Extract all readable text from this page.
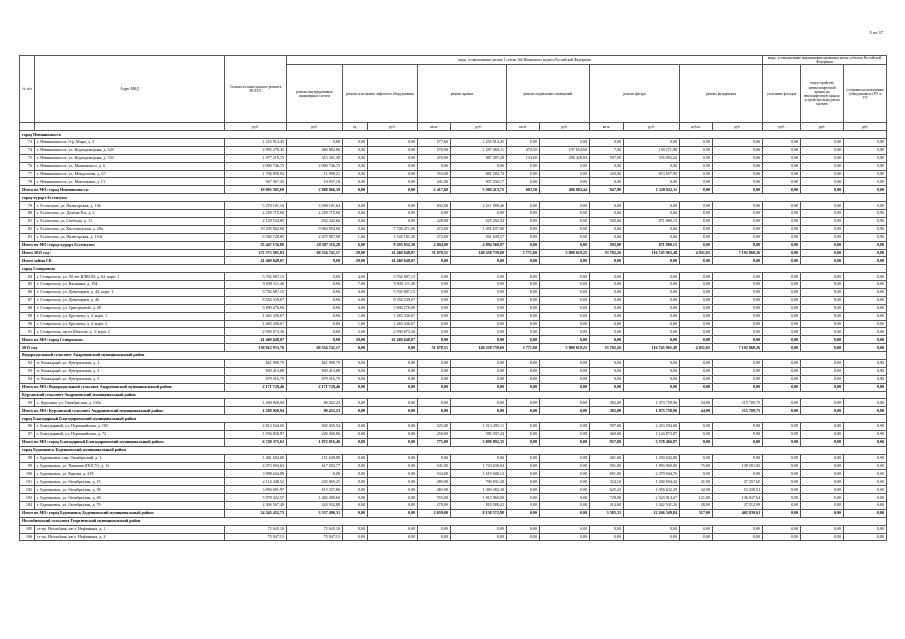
5 из 37
№ п/п	Адрес МКД	Стоимость капитального ремонта ВСЕГО	виды, установленные частью 1 статьи 166 Жилищного кодекса Российской Федерации											виды, установленные нормативным правовым актом субъекта Российской Федерации		
			ремонт внутридомовых инженерных систем	ремонт или замена лифтового оборудования		ремонт крыши		ремонт подвальных помещений		ремонт фасада		ремонт фундамента		утепление фасадов	переустройство невентилируемой крыши на вентилируемую крышу, устройство выходов на кровлю	установка коллективных (общедомовых) ПУ и УУ
		руб.	руб.	ед.	руб.	кв.м.	руб.	кв.м.	руб.	кв.м.	руб.	куб.м.	руб.	руб.	руб.	руб.
город Невинномысск																
73	г. Невинномысск, б-р. Мира, д. 3	1 255 914,45	0,00	0,00	0,00	577,60	1 255 914,45	0,00	0,00	0,00	0,00	0,00	0,00	0,00	0,00	0,00
74	г. Невинномысск, ул. Водопроводная, д. 329	2 095 278,45	460 882,86	0,00	0,00	570,00	1 297 469,11	470,50	197 654,60	7,00	139 271,88	0,00	0,00	0,00	0,00	0,00
75	г. Невинномысск, ул. Водопроводная, д. 333	1 977 219,75	315 301,39	0,00	0,00	476,00	987 397,28	133,00	298 428,84	597,90	376 092,24	0,00	0,00	0,00	0,00	0,00
76	г. Невинномысск, ул. Маяковского, д. 6	2 000 746,75	2 000 746,75	0,00	0,00	0,00	0,00	0,00	0,00	0,00	0,00	0,00	0,00	0,00	0,00	0,00
77	г. Невинномысск, ул. Менделеева, д. 67	1 706 858,94	11 998,21	0,00	0,00	353,00	881 202,74	0,00	0,00	343,00	813 657,99	0,00	0,00	0,00	0,00	0,00
78	г. Невинномысск, ул. Монтажная, д. 13	927 367,35	19 937,18	0,00	0,00	441,00	907 430,17	0,00	0,00	0,00	0,00	0,00	0,00	0,00	0,00	0,00
Итого по МО: город Невинномысск:		10 003 385,69	2 808 866,39	0,00	0,00	2 417,60	5 369 413,75	603,50	496 083,44	947,90	1 329 022,11	0,00	0,00	0,00	0,00	0,00
город-курорт Ессентуки																
79	г. Ессентуки, ул. Пятигорская, д. 136	5 270 101,10	3 058 101,64	0,00	0,00	832,00	2 211 999,46	0,00	0,00	0,00	0,00	0,00	0,00	0,00	0,00	0,00
80	г. Ессентуки, ул. Долина Роз, д. 2	2 259 710,00	2 259 710,00	0,00	0,00	0,00	0,00	0,00	0,00	0,00	0,00	0,00	0,00	0,00	0,00	0,00
81	г. Ессентуки, ул. Свободы, д. 11	2 129 534,85	632 442,66	0,00	0,00	228,00	625 292,04	0,00	0,00	503,00	871 800,15	0,00	0,00	0,00	0,00	0,00
82	г. Ессентуки, ул. Кисловодская, д. 20а	19 205 062,00	9 960 954,00	5,00	7 748 471,00	472,00	1 495 637,00	0,00	0,00	0,00	0,00	0,00	0,00	0,00	0,00	0,00
83	г. Ессентуки, ул. Пятигорская, д. 110а	6 582 728,85	4 475 907,98	1,00	1 545 181,30	272,00	561 639,57	0,00	0,00	0,00	0,00	0,00	0,00	0,00	0,00	0,00
Итого по МО: город-курорт Ессентуки:		35 447 136,80	20 387 116,28	6,00	9 293 652,30	2 004,00	4 894 568,07	0,00	0,00	503,00	871 800,15	0,00	0,00	0,00	0,00	0,00
Итого 2015 год :		372 373 581,83	60 534 741,17	29,00	41 469 648,07	51 078,51	140 558 739,60	3 771,60	5 880 619,25	53 782,26	116 745 965,48	4 031,65	7 192 868,26	0,00	0,00	0,00
Итого займа СК		41 469 648,07	0,00	29,00	41 469 648,07	0,00	0,00	0,00	0,00	0,00	0,00	0,00	0,00	0,00	0,00	0,00
город Ставрополь																
84	г. Ставрополь, ул. 50 лет ВЛКСМ, д. 62, корп. 1	5 702 687,15	0,00	4,00	5 702 687,15	0,00	0,00	0,00	0,00	0,00	0,00	0,00	0,00	0,00	0,00	0,00
85	г. Ставрополь, ул. Васякина, д. 194	9 949 111,40	0,00	7,00	9 949 111,40	0,00	0,00	0,00	0,00	0,00	0,00	0,00	0,00	0,00	0,00	0,00
86	г. Ставрополь, ул. Доваторцев, д. 44, корп. 1	5 702 687,15	0,00	4,00	5 702 687,15	0,00	0,00	0,00	0,00	0,00	0,00	0,00	0,00	0,00	0,00	0,00
87	г. Ставрополь, ул. Доваторцев, д. 46	8 554 539,67	0,00	6,00	8 554 539,67	0,00	0,00	0,00	0,00	0,00	0,00	0,00	0,00	0,00	0,00	0,00
88	г. Ставрополь, ул. Григорьевой, д. 28	5 690 276,00	0,00	4,00	5 690 276,00	0,00	0,00	0,00	0,00	0,00	0,00	0,00	0,00	0,00	0,00	0,00
89	г. Ставрополь, ул. Бруснева, д. 4, корп. 1	1 465 336,67	0,00	1,00	1 465 336,67	0,00	0,00	0,00	0,00	0,00	0,00	0,00	0,00	0,00	0,00	0,00
90	г. Ставрополь, ул. Бруснева, д. 4, корп. 2	1 465 336,67	0,00	1,00	1 465 336,67	0,00	0,00	0,00	0,00	0,00	0,00	0,00	0,00	0,00	0,00	0,00
91	г. Ставрополь, пр-кт Юности, д. 3, корп. 2	2 930 673,36	0,00	2,00	2 930 673,36	0,00	0,00	0,00	0,00	0,00	0,00	0,00	0,00	0,00	0,00	0,00
Итого по МО: город Ставрополь:		41 460 648,07	0,00	29,00	41 469 648,07	0,00	0,00	0,00	0,00	0,00	0,00	0,00	0,00	0,00	0,00	0,00
2015 год		330 912 933,76	60 534 741,17	0,00	0,00	51 078,51	140 558 739,60	3 771,60	5 880 619,25	53 782,26	116 745 965,48	4 031,65	7 192 868,26	0,00	0,00	0,00
Водораздельный сельсовет Андроповский муниципальный район																
92	п. Каскадный, ул. Центральная, д. 2	661 998,79	661 998,79	0,00	0,00	0,00	0,00	0,00	0,00	0,00	0,00	0,00	0,00	0,00	0,00	0,00
93	п. Каскадный, ул. Центральная, д. 3	830 413,88	830 413,88	0,00	0,00	0,00	0,00	0,00	0,00	0,00	0,00	0,00	0,00	0,00	0,00	0,00
94	п. Каскадный, ул. Центральная, д. 5	679 316,79	679 316,79	0,00	0,00	0,00	0,00	0,00	0,00	0,00	0,00	0,00	0,00	0,00	0,00	0,00
Итого по МО: Водораздельный сельсовет Андроповский муниципальный район:		2 171 729,46	2 171 729,46	0,00	0,00	0,00	0,00	0,00	0,00	0,00	0,00	0,00	0,00	0,00	0,00	0,00
Курсавский сельсовет Андроповский муниципальный район																
95	с. Курсавка, ул. Октябрьская, д. 133а	1 269 920,94	80 452,23	0,00	0,00	0,00	0,00	0,00	0,00	382,00	1 073 758,96	44,00	115 709,75	0,00	0,00	0,00
Итого по МО: Курсавский сельсовет Андроповский муниципальный район:		1 269 920,94	80 452,23	0,00	0,00	0,00	0,00	0,00	0,00	382,00	1 073 758,96	44,00	115 709,75	0,00	0,00	0,00
город Благодарный Благодарненский муниципальный район																
96	г. Благодарный, ул. Первомайская, д. 105	4 812 544,65	845 655,54	0,00	0,00	525,00	1 513 295,11	0,00	0,00	597,00	2 453 594,00	0,00	0,00	0,00	0,00	0,00
97	г. Благодарный, ул. Первомайская, д. 72	1 936 830,97	226 360,86	0,00	0,00	250,00	585 597,24	0,00	0,00	360,00	1 124 872,87	0,00	0,00	0,00	0,00	0,00
Итого по МО: город Благодарный Благодарненский муниципальный район:		6 749 375,62	1 072 016,40	0,00	0,00	775,00	2 098 892,35	0,00	0,00	957,00	3 578 466,87	0,00	0,00	0,00	0,00	0,00
город Буденновск Буденновский муниципальный район																
98	г. Буденновск, пер. Октябрьский, д. 1	1 481 692,69	151 649,89	0,00	0,00	0,00	0,00	0,00	0,00	401,00	1 330 042,80	0,00	0,00	0,00	0,00	0,00
99	г. Буденновск, ул. Пашкова (ПОСУ), д. 12	4 073 694,63	617 503,77	0,00	0,00	541,00	1 723 639,04	0,00	0,00	501,00	1 993 960,00	75,00	138 591,82	0,00	0,00	0,00
100	г. Буденновск, ул. Кирова, д. 219	3 998 644,88	0,00	0,00	0,00	534,00	1 619 600,12	0,00	0,00	691,00	2 379 044,76	0,00	0,00	0,00	0,00	0,00
101	г. Буденновск, ул. Октябрьская, д. 15	2 114 448,52	245 665,25	0,00	0,00	285,00	790 831,20	0,00	0,00	324,10	1 040 694,42	41,00	37 257,65	0,00	0,00	0,00
102	г. Буденновск, ул. Октябрьская, д. 38	3 094 691,97	615 337,86	0,00	0,00	465,00	1 369 282,20	0,00	0,00	625,23	1 056 632,39	42,00	53 439,52	0,00	0,00	0,00
103	г. Буденновск, ул. Октябрьская, д. 48	5 978 322,57	1 482 400,66	0,00	0,00	555,00	1 815 960,00	0,00	0,00	729,00	2 543 914,27	121,00	136 037,64	0,00	0,00	0,00
104	г. Буденновск, ул. Октябрьская, д. 70	2 304 567,49	424 932,88	0,00	0,00	279,00	819 580,42	0,00	0,00	314,00	1 022 541,20	28,00	37 512,99	0,00	0,00	0,00
Итого по МО: город Буденновск Буденновский муниципальный район:		24 345 452,75	3 537 490,31	0,00	0,00	2 659,00	8 138 572,98	0,00	0,00	3 585,33	12 266 549,84	317,00	402 839,62	0,00	0,00	0,00
Незлобненский сельсовет Георгиевский муниципальный район																
105	ст-ца. Незлобная, кв-л. Нефтяника, д. 1	72 645,10	72 645,10	0,00	0,00	0,00	0,00	0,00	0,00	0,00	0,00	0,00	0,00	0,00	0,00	0,00
106	ст-ца. Незлобная, кв-л. Нефтяника, д. 2	75 947,15	75 947,15	0,00	0,00	0,00	0,00	0,00	0,00	0,00	0,00	0,00	0,00	0,00	0,00	0,00
